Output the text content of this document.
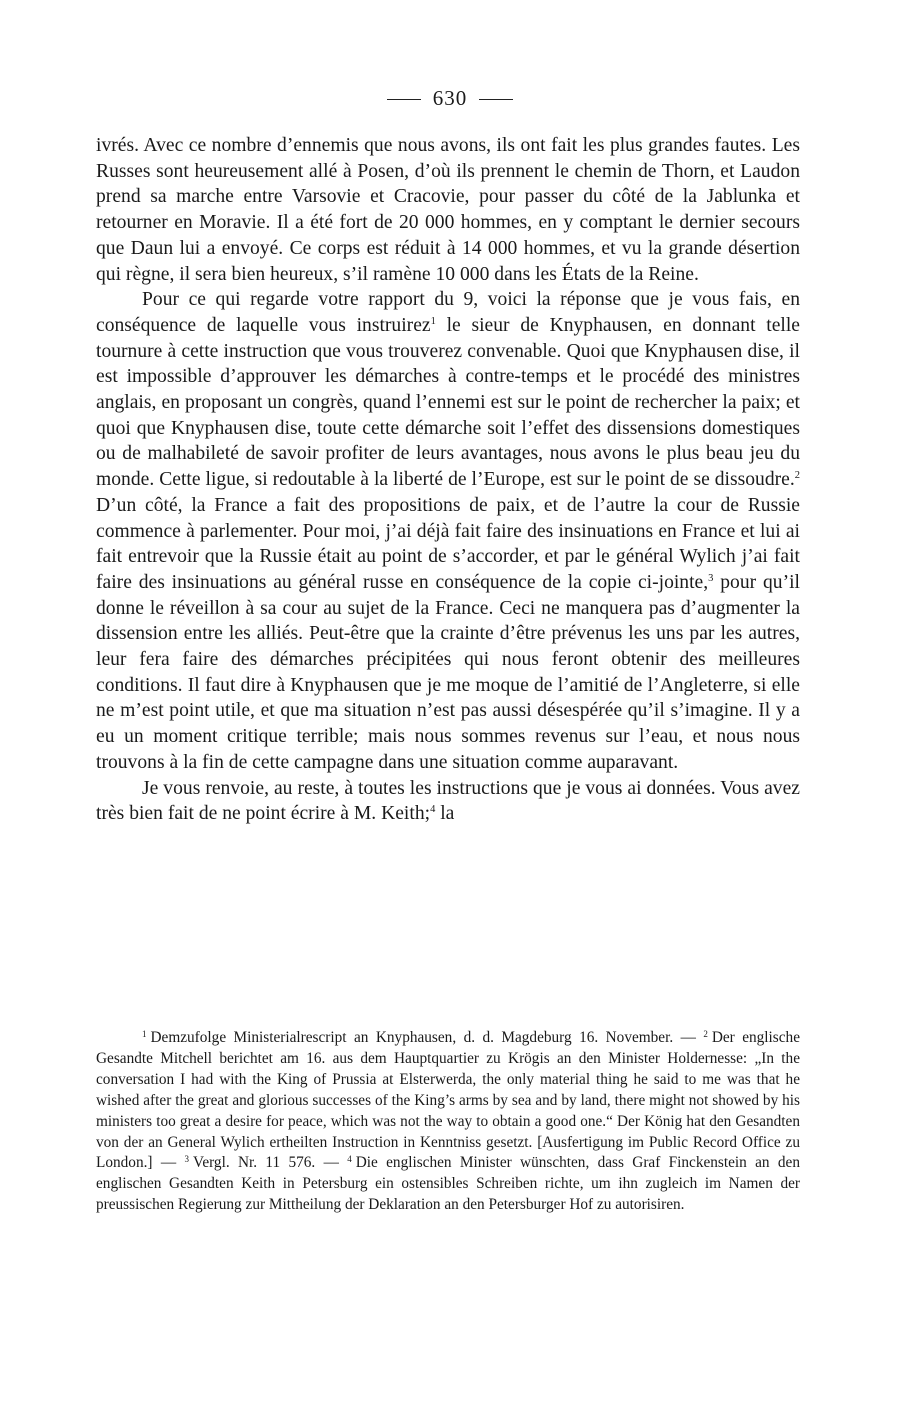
630

ivrés. Avec ce nombre d’ennemis que nous avons, ils ont fait les plus grandes fautes. Les Russes sont heureusement allé à Posen, d’où ils prennent le chemin de Thorn, et Laudon prend sa marche entre Varsovie et Cracovie, pour passer du côté de la Jablunka et retourner en Moravie. Il a été fort de 20 000 hommes, en y comptant le dernier secours que Daun lui a envoyé. Ce corps est réduit à 14 000 hommes, et vu la grande désertion qui règne, il sera bien heureux, s’il ramène 10 000 dans les États de la Reine.

Pour ce qui regarde votre rapport du 9, voici la réponse que je vous fais, en conséquence de laquelle vous instruirez$^1$ le sieur de Knyphausen, en donnant telle tournure à cette instruction que vous trouverez convenable. Quoi que Knyphausen dise, il est impossible d’approuver les démarches à contre-temps et le procédé des ministres anglais, en proposant un congrès, quand l’ennemi est sur le point de rechercher la paix; et quoi que Knyphausen dise, toute cette démarche soit l’effet des dissensions domestiques ou de malhabileté de savoir profiter de leurs avantages, nous avons le plus beau jeu du monde. Cette ligue, si redoutable à la liberté de l’Europe, est sur le point de se dissoudre.$^2$ D’un côté, la France a fait des propositions de paix, et de l’autre la cour de Russie commence à parlementer. Pour moi, j’ai déjà fait faire des insinuations en France et lui ai fait entrevoir que la Russie était au point de s’accorder, et par le général Wylich j’ai fait faire des insinuations au général russe en conséquence de la copie ci-jointe,$^3$ pour qu’il donne le réveillon à sa cour au sujet de la France. Ceci ne manquera pas d’augmenter la dissension entre les alliés. Peut-être que la crainte d’être prévenus les uns par les autres, leur fera faire des démarches précipitées qui nous feront obtenir des meilleures conditions. Il faut dire à Knyphausen que je me moque de l’amitié de l’Angleterre, si elle ne m’est point utile, et que ma situation n’est pas aussi désespérée qu’il s’imagine. Il y a eu un moment critique terrible; mais nous sommes revenus sur l’eau, et nous nous trouvons à la fin de cette campagne dans une situation comme auparavant.

Je vous renvoie, au reste, à toutes les instructions que je vous ai données. Vous avez très bien fait de ne point écrire à M. Keith;$^4$ la

$^1$ Demzufolge Ministerialrescript an Knyphausen, d. d. Magdeburg 16. November. — $^2$ Der englische Gesandte Mitchell berichtet am 16. aus dem Hauptquartier zu Krögis an den Minister Holdernesse: „In the conversation I had with the King of Prussia at Elsterwerda, the only material thing he said to me was that he wished after the great and glorious successes of the King’s arms by sea and by land, there might not showed by his ministers too great a desire for peace, which was not the way to obtain a good one.“ Der König hat den Gesandten von der an General Wylich ertheilten Instruction in Kenntniss gesetzt. [Ausfertigung im Public Record Office zu London.] — $^3$ Vergl. Nr. 11 576. — $^4$ Die englischen Minister wünschten, dass Graf Finckenstein an den englischen Gesandten Keith in Petersburg ein ostensibles Schreiben richte, um ihn zugleich im Namen der preussischen Regierung zur Mittheilung der Deklaration an den Petersburger Hof zu autorisiren.
